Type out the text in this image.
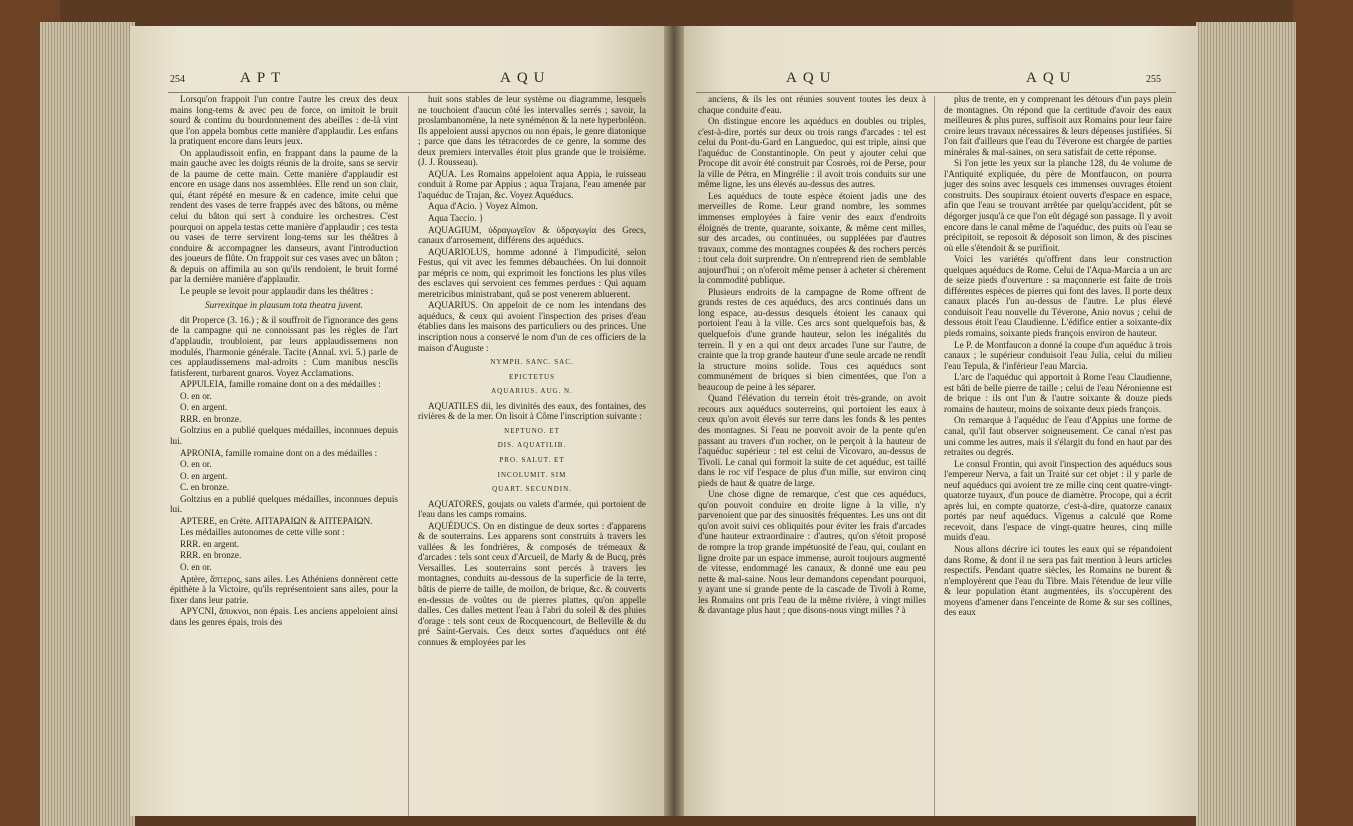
254	APT	AQU

Lorsqu'on frappoit l'un contre l'autre les creux des deux mains long-tems & avec peu de force, on imitoit le bruit sourd & continu du bourdonnement des abeilles : de-là vint que l'on appela bombus cette manière d'applaudir. Les enfans la pratiquent encore dans leurs jeux.

On applaudissoit enfin, en frappant dans la paume de la main gauche avec les doigts réunis de la droite, sans se servir de la paume de cette main. Cette manière d'applaudir est encore en usage dans nos assemblées. Elle rend un son clair, qui, étant répété en mesure & en cadence, imite celui que rendent des vases de terre frappés avec des bâtons, ou même celui du bâton qui sert à conduire les orchestres. C'est pourquoi on appela testas cette manière d'applaudir ; ces testa ou vases de terre servirent long-tems sur les théâtres à conduire & accompagner les danseurs, avant l'introduction des joueurs de flûte. On frappoit sur ces vases avec un bâton ; & depuis on affimila au son qu'ils rendoient, le bruit formé par la dernière manière d'applaudir.

Le peuple se levoit pour applaudir dans les théâtres :

Surrexitque in plausum tota theatra juvent.

dit Properce (3. 16.) ; & il souffroit de l'ignorance des gens de la campagne qui ne connoissant pas les règles de l'art d'applaudir, troubloient, par leurs applaudissemens non modulés, l'harmonie générale. Tacite (Annal. xvi. 5.) parle de ces applaudissemens mal-adroits : Cum manibus nescîis fatisferent, turbarent gnaros. Voyez Acclamations.

APPULEIA, famille romaine dont on a des médailles :

O. en or.

O. en argent.

RRR. en bronze.

Goltzius en a publié quelques médailles, inconnues depuis lui.

APRONIA, famille romaine dont on a des médailles :

O. en or.

O. en argent.

C. en bronze.

Goltzius en a publié quelques médailles, inconnues depuis lui.

APTERE, en Crète. ΑΠΤΑΡΑΙΩΝ & ΑΠΤΕΡΑΙΩΝ.

Les médailles autonomes de cette ville sont :

RRR. en argent.

RRR. en bronze.

O. en or.

Aptère, ἄπτερος, sans ailes. Les Athéniens donnèrent cette épithète à la Victoire, qu'ils représentoient sans ailes, pour la fixer dans leur patrie.

APYCNI, ἄπυκνοι, non épais. Les anciens appeloient ainsi dans les genres épais, trois des

huit sons stables de leur système ou diagramme, lesquels ne touchoient d'aucun côté les intervalles serrés ; savoir, la proslambanomène, la nete synéménon & la nete hyperboléon. Ils appeloient aussi apycnos ou non épais, le genre diatonique ; parce que dans les tétracordes de ce genre, la somme des deux premiers intervalles étoit plus grande que le troisième. (J. J. Rousseau).

AQUA. Les Romains appeloient aqua Appia, le ruisseau conduit à Rome par Appius ; aqua Trajana, l'eau amenée par l'aquéduc de Trajan, &c. Voyez Aquéducs.

Aqua d'Acio. } Voyez Almon.

Aqua Taccio. }

AQUAGIUM, ὑδραγωγεῖον & ὑδραγωγία des Grecs, canaux d'arrosement, différens des aquéducs.

AQUARIOLUS, homme adonné à l'impudicité, selon Festus, qui vit avec les femmes débauchées. On lui donnoit par mépris ce nom, qui exprimoit les fonctions les plus viles des esclaves qui servoient ces femmes perdues : Qui aquam meretricibus ministrabant, quâ se post venerem abluerent.

AQUARIUS. On appeloit de ce nom les intendans des aquéducs, & ceux qui avoient l'inspection des prises d'eau établies dans les maisons des particuliers ou des princes. Une inscription nous a conservé le nom d'un de ces officiers de la maison d'Auguste :

NYMPH. SANC. SAC.

EPICTETUS

AQUARIUS. AUG. N.

AQUATILES dii, les divinités des eaux, des fontaines, des rivières & de la mer. On lisoit à Côme l'inscription suivante :

NEPTUNO. ET

DIS. AQUATILIB.

PRO. SALUT. ET

INCOLUMIT. SIM

QUART. SECUNDIN.

AQUATORES, goujats ou valets d'armée, qui portoient de l'eau dans les camps romains.

AQUÉDUCS. On en distingue de deux sortes : d'apparens & de souterrains. Les apparens sont construits à travers les vallées & les fondrières, & composés de trémeaux & d'arcades : tels sont ceux d'Arcueil, de Marly & de Bucq, près Versailles. Les souterrains sont percés à travers les montagnes, conduits au-dessous de la superficie de la terre, bâtis de pierre de taille, de moilon, de brique, &c. & couverts en-dessus de voûtes ou de pierres plattes, qu'on appelle dalles. Ces dalles mettent l'eau à l'abri du soleil & des pluies d'orage : tels sont ceux de Rocquencourt, de Belleville & du pré Saint-Gervais. Ces deux sortes d'aquéducs ont été connues & employées par les

AQU	AQU	255

anciens, & ils les ont réunies souvent toutes les deux à chaque conduite d'eau.

On distingue encore les aquéducs en doubles ou triples, c'est-à-dire, portés sur deux ou trois rangs d'arcades : tel est celui du Pont-du-Gard en Languedoc, qui est triple, ainsi que l'aquéduc de Constantinople. On peut y ajouter celui que Procope dit avoir été construit par Cosroès, roi de Perse, pour la ville de Pétra, en Mingrélie : il avoit trois conduits sur une même ligne, les uns élevés au-dessus des autres.

Les aquéducs de toute espèce étoient jadis une des merveilles de Rome. Leur grand nombre, les sommes immenses employées à faire venir des eaux d'endroits éloignés de trente, quarante, soixante, & même cent milles, sur des arcades, ou continuées, ou suppléées par d'autres travaux, comme des montagnes coupées & des rochers percés : tout cela doit surprendre. On n'entreprend rien de semblable aujourd'hui ; on n'oferoit même penser à acheter si chèrement la commodité publique.

Plusieurs endroits de la campagne de Rome offrent de grands restes de ces aquéducs, des arcs continués dans un long espace, au-dessus desquels étoient les canaux qui portoient l'eau à la ville. Ces arcs sont quelquefois bas, & quelquefois d'une grande hauteur, selon les inégalités du terrein. Il y en a qui ont deux arcades l'une sur l'autre, de crainte que la trop grande hauteur d'une seule arcade ne rendît la structure moins solide. Tous ces aquéducs sont communément de briques si bien cimentées, que l'on a beaucoup de peine à les séparer.

Quand l'élévation du terrein étoit très-grande, on avoit recours aux aquéducs souterreins, qui portoient les eaux à ceux qu'on avoit élevés sur terre dans les fonds & les pentes des montagnes. Si l'eau ne pouvoit avoir de la pente qu'en passant au travers d'un rocher, on le perçoit à la hauteur de l'aquéduc supérieur : tel est celui de Vicovaro, au-dessus de Tivoli. Le canal qui formoit la suite de cet aquéduc, est taillé dans le roc vif l'espace de plus d'un mille, sur environ cinq pieds de haut & quatre de large.

Une chose digne de remarque, c'est que ces aquéducs, qu'on pouvoit conduire en droite ligne à la ville, n'y parvenoient que par des sinuosités fréquentes. Les uns ont dit qu'on avoit suivi ces obliquités pour éviter les frais d'arcades d'une hauteur extraordinaire : d'autres, qu'on s'étoit proposé de rompre la trop grande impétuosité de l'eau, qui, coulant en ligne droite par un espace immense, auroit toujours augmenté de vitesse, endommagé les canaux, & donné une eau peu nette & mal-saine. Nous leur demandons cependant pourquoi, y ayant une si grande pente de la cascade de Tivoli à Rome, les Romains ont pris l'eau de la même rivière, à vingt milles & davantage plus haut ; que disons-nous vingt milles ? à

plus de trente, en y comprenant les détours d'un pays plein de montagnes. On répond que la certitude d'avoir des eaux meilleures & plus pures, suffisoit aux Romains pour leur faire croire leurs travaux nécessaires & leurs dépenses justifiées. Si l'on fait d'ailleurs que l'eau du Téverone est chargée de parties minérales & mal-saines, on sera satisfait de cette réponse.

Si l'on jette les yeux sur la planche 128, du 4e volume de l'Antiquité expliquée, du père de Montfaucon, on pourra juger des soins avec lesquels ces immenses ouvrages étoient construits. Des soupiraux étoient ouverts d'espace en espace, afin que l'eau se trouvant arrêtée par quelqu'accident, pût se dégorger jusqu'à ce que l'on eût dégagé son passage. Il y avoit encore dans le canal même de l'aquéduc, des puits où l'eau se précipitoit, se reposoit & déposoit son limon, & des piscines où elle s'étendoit & se purifioit.

Voici les variétés qu'offrent dans leur construction quelques aquéducs de Rome. Celui de l'Aqua-Marcia a un arc de seize pieds d'ouverture : sa maçonnerie est faite de trois différentes espèces de pierres qui font des laves. Il porte deux canaux placés l'un au-dessus de l'autre. Le plus élevé conduisoit l'eau nouvelle du Téverone, Anio novus ; celui de dessous étoit l'eau Claudienne. L'édifice entier a soixante-dix pieds romains, soixante pieds françois environ de hauteur.

Le P. de Montfaucon a donné la coupe d'un aquéduc à trois canaux ; le supérieur conduisoit l'eau Julia, celui du milieu l'eau Tepula, & l'inférieur l'eau Marcia.

L'arc de l'aquéduc qui apportoit à Rome l'eau Claudienne, est bâti de belle pierre de taille ; celui de l'eau Néronienne est de brique : ils ont l'un & l'autre soixante & douze pieds romains de hauteur, moins de soixante deux pieds françois.

On remarque à l'aquéduc de l'eau d'Appius une forme de canal, qu'il faut observer soigneusement. Ce canal n'est pas uni comme les autres, mais il s'élargit du fond en haut par des retraites ou degrés.

Le consul Frontin, qui avoit l'inspection des aquéducs sous l'empereur Nerva, a fait un Traité sur cet objet : il y parle de neuf aquéducs qui avoient tre ze mille cinq cent quatre-vingt-quatorze tuyaux, d'un pouce de diamètre. Procope, qui a écrit après lui, en compte quatorze, c'est-à-dire, quatorze canaux portés par neuf aquéducs. Vigenus a calculé que Rome recevoit, dans l'espace de vingt-quatre heures, cinq mille muids d'eau.

Nous allons décrire ici toutes les eaux qui se répandoient dans Rome, & dont il ne sera pas fait mention à leurs articles respectifs. Pendant quatre siècles, les Romains ne burent & n'employèrent que l'eau du Tibre. Mais l'étendue de leur ville & leur population étant augmentées, ils s'occupèrent des moyens d'amener dans l'enceinte de Rome & sur ses collines, des eaux
